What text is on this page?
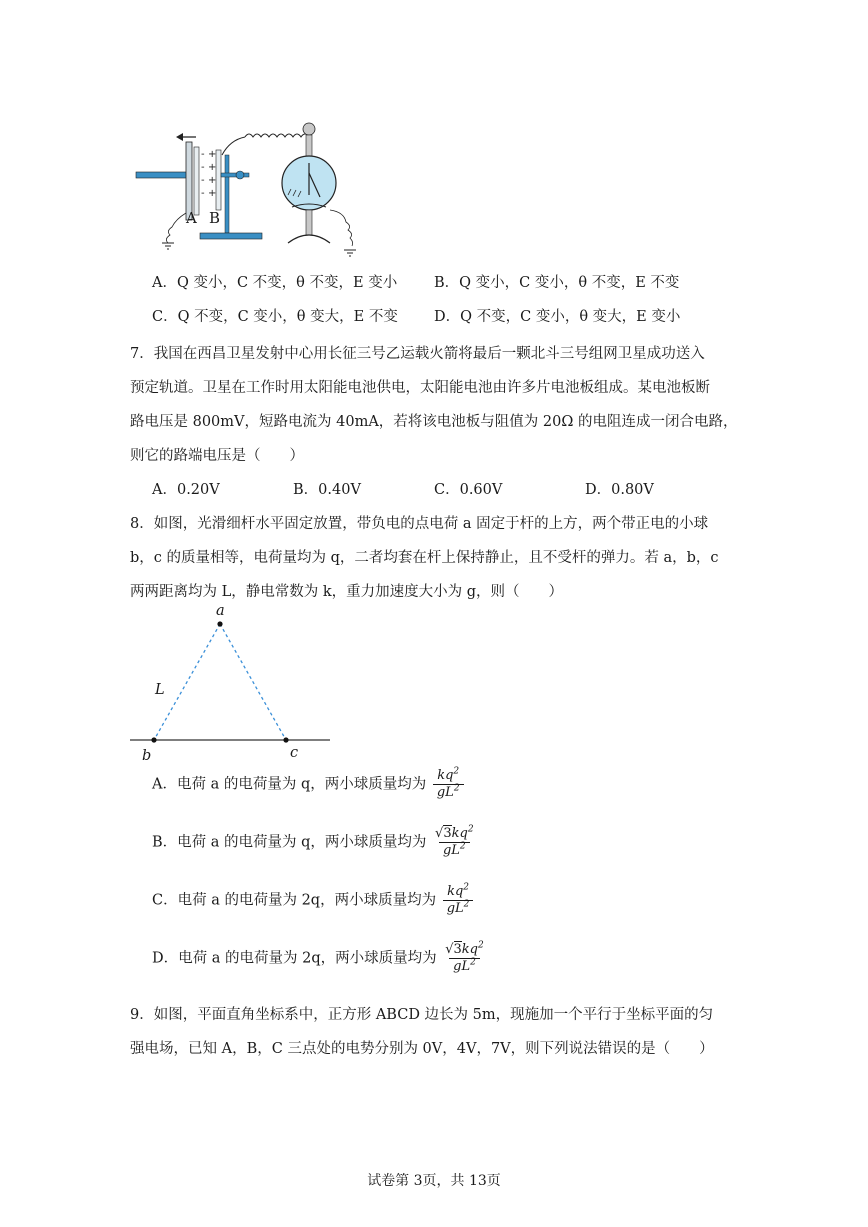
-
-
-
-
+
+
+
+
A B
A．Q 变小，C 不变，θ 不变，E 变小	B．Q 变小，C 变小，θ 不变，E 不变
C．Q 不变，C 变小，θ 变大，E 不变 D．Q 不变，C 变小，θ 变大，E 变小
7．我国在西昌卫星发射中心用长征三号乙运载火箭将最后一颗北斗三号组网卫星成功送入
预定轨道。卫星在工作时用太阳能电池供电，太阳能电池由许多片电池板组成。某电池板断
路电压是 800mV，短路电流为 40mA，若将该电池板与阻值为 20Ω 的电阻连成一闭合电路，
则它的路端电压是（　　）
A．0.20V	B．0.40V	C．0.60V	D．0.80V
8．如图，光滑细杆水平固定放置，带负电的点电荷 a 固定于杆的上方，两个带正电的小球
b，c 的质量相等，电荷量均为 q，二者均套在杆上保持静止，且不受杆的弹力。若 a，b，c
两两距离均为 L，静电常数为 k，重力加速度大小为 g，则（　　）
a
L
b	c
A．电荷 a 的电荷量为 q，两小球质量均为 $\frac{kq^2}{gL^2}$
B．电荷 a 的电荷量为 q，两小球质量均为 $\frac{√3kq^2}{gL^2}$
C．电荷 a 的电荷量为 2q，两小球质量均为 $\frac{kq^2}{gL^2}$
D．电荷 a 的电荷量为 2q，两小球质量均为 $\frac{√3kq^2}{gL^2}$
9．如图，平面直角坐标系中，正方形 ABCD 边长为 5m，现施加一个平行于坐标平面的匀
强电场，已知 A，B，C 三点处的电势分别为 0V，4V，7V，则下列说法错误的是（　　）
试卷第 3页，共 13页
